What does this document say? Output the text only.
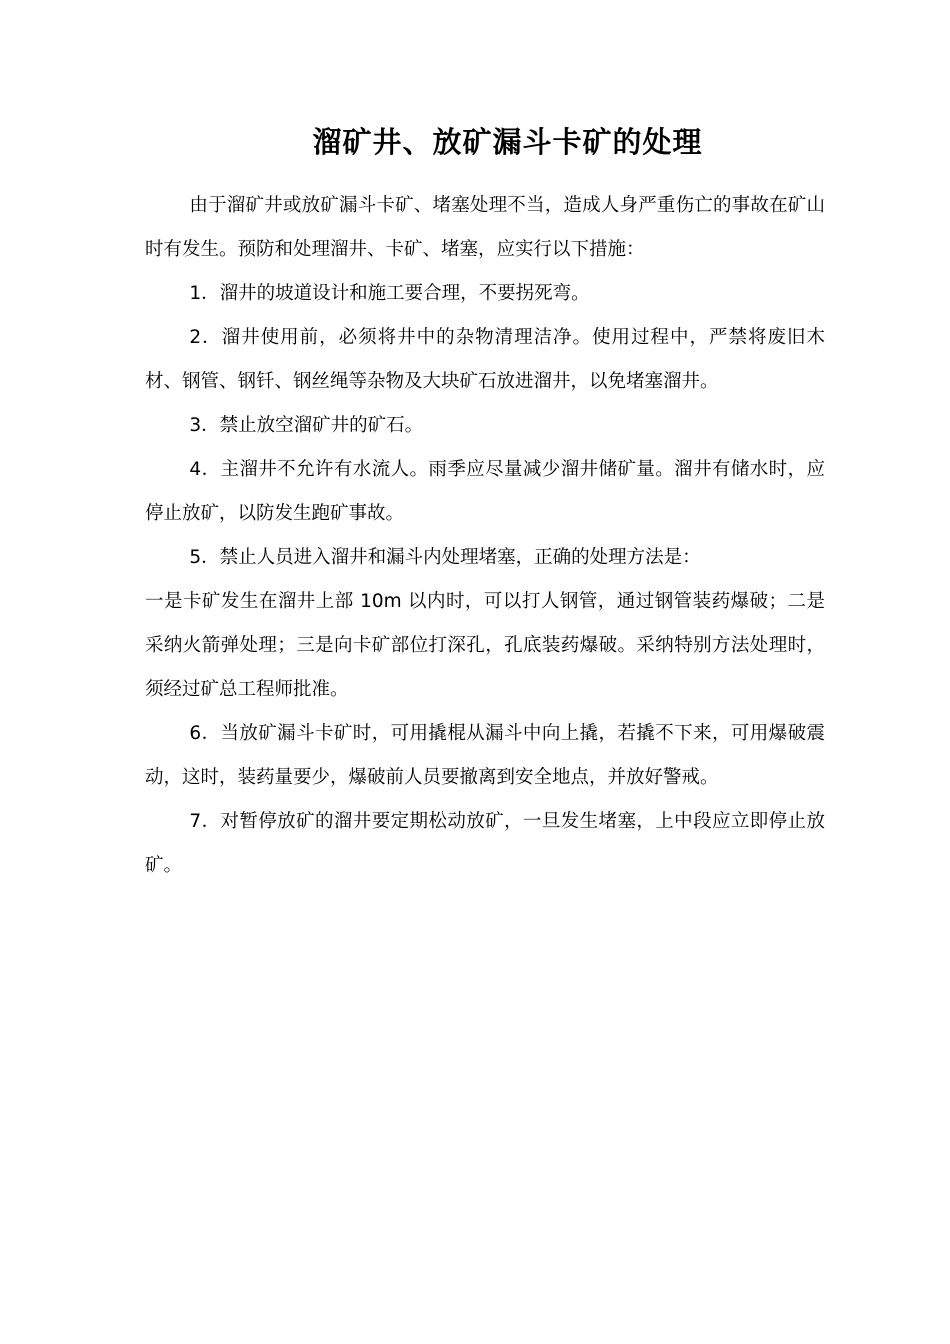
溜矿井、放矿漏斗卡矿的处理

由于溜矿井或放矿漏斗卡矿、堵塞处理不当，造成人身严重伤亡的事故在矿山时有发生。预防和处理溜井、卡矿、堵塞，应实行以下措施：

1．溜井的坡道设计和施工要合理，不要拐死弯。

2．溜井使用前，必须将井中的杂物清理洁净。使用过程中，严禁将废旧木材、钢管、钢钎、钢丝绳等杂物及大块矿石放进溜井，以免堵塞溜井。

3．禁止放空溜矿井的矿石。

4．主溜井不允许有水流人。雨季应尽量减少溜井储矿量。溜井有储水时，应停止放矿，以防发生跑矿事故。

5．禁止人员进入溜井和漏斗内处理堵塞，正确的处理方法是：

一是卡矿发生在溜井上部 10m 以内时，可以打人钢管，通过钢管装药爆破；二是采纳火箭弹处理；三是向卡矿部位打深孔，孔底装药爆破。采纳特别方法处理时，须经过矿总工程师批准。

6．当放矿漏斗卡矿时，可用撬棍从漏斗中向上撬，若撬不下来，可用爆破震动，这时，装药量要少，爆破前人员要撤离到安全地点，并放好警戒。

7．对暂停放矿的溜井要定期松动放矿，一旦发生堵塞，上中段应立即停止放矿。
